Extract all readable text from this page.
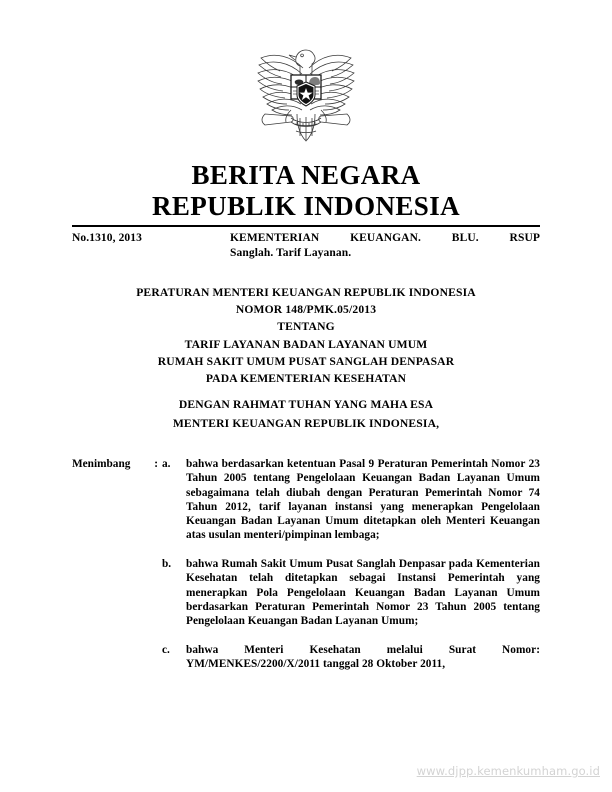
BERITA NEGARA
REPUBLIK INDONESIA
No.1310, 2013	KEMENTERIAN KEUANGAN. BLU. RSUP
Sanglah. Tarif Layanan.
PERATURAN MENTERI KEUANGAN REPUBLIK INDONESIA
NOMOR 148/PMK.05/2013
TENTANG
TARIF LAYANAN BADAN LAYANAN UMUM
RUMAH SAKIT UMUM PUSAT SANGLAH DENPASAR
PADA KEMENTERIAN KESEHATAN
DENGAN RAHMAT TUHAN YANG MAHA ESA
MENTERI KEUANGAN REPUBLIK INDONESIA,
Menimbang : a.	bahwa berdasarkan ketentuan Pasal 9 Peraturan Pemerintah Nomor 23 Tahun 2005 tentang Pengelolaan Keuangan Badan Layanan Umum sebagaimana telah diubah dengan Peraturan Pemerintah Nomor 74 Tahun 2012, tarif layanan instansi yang menerapkan Pengelolaan Keuangan Badan Layanan Umum ditetapkan oleh Menteri Keuangan atas usulan menteri/pimpinan lembaga;
b.	bahwa Rumah Sakit Umum Pusat Sanglah Denpasar pada Kementerian Kesehatan telah ditetapkan sebagai Instansi Pemerintah yang menerapkan Pola Pengelolaan Keuangan Badan Layanan Umum berdasarkan Peraturan Pemerintah Nomor 23 Tahun 2005 tentang Pengelolaan Keuangan Badan Layanan Umum;
c.	bahwa Menteri Kesehatan melalui Surat Nomor: YM/MENKES/2200/X/2011 tanggal 28 Oktober 2011,
www.djpp.kemenkumham.go.id
